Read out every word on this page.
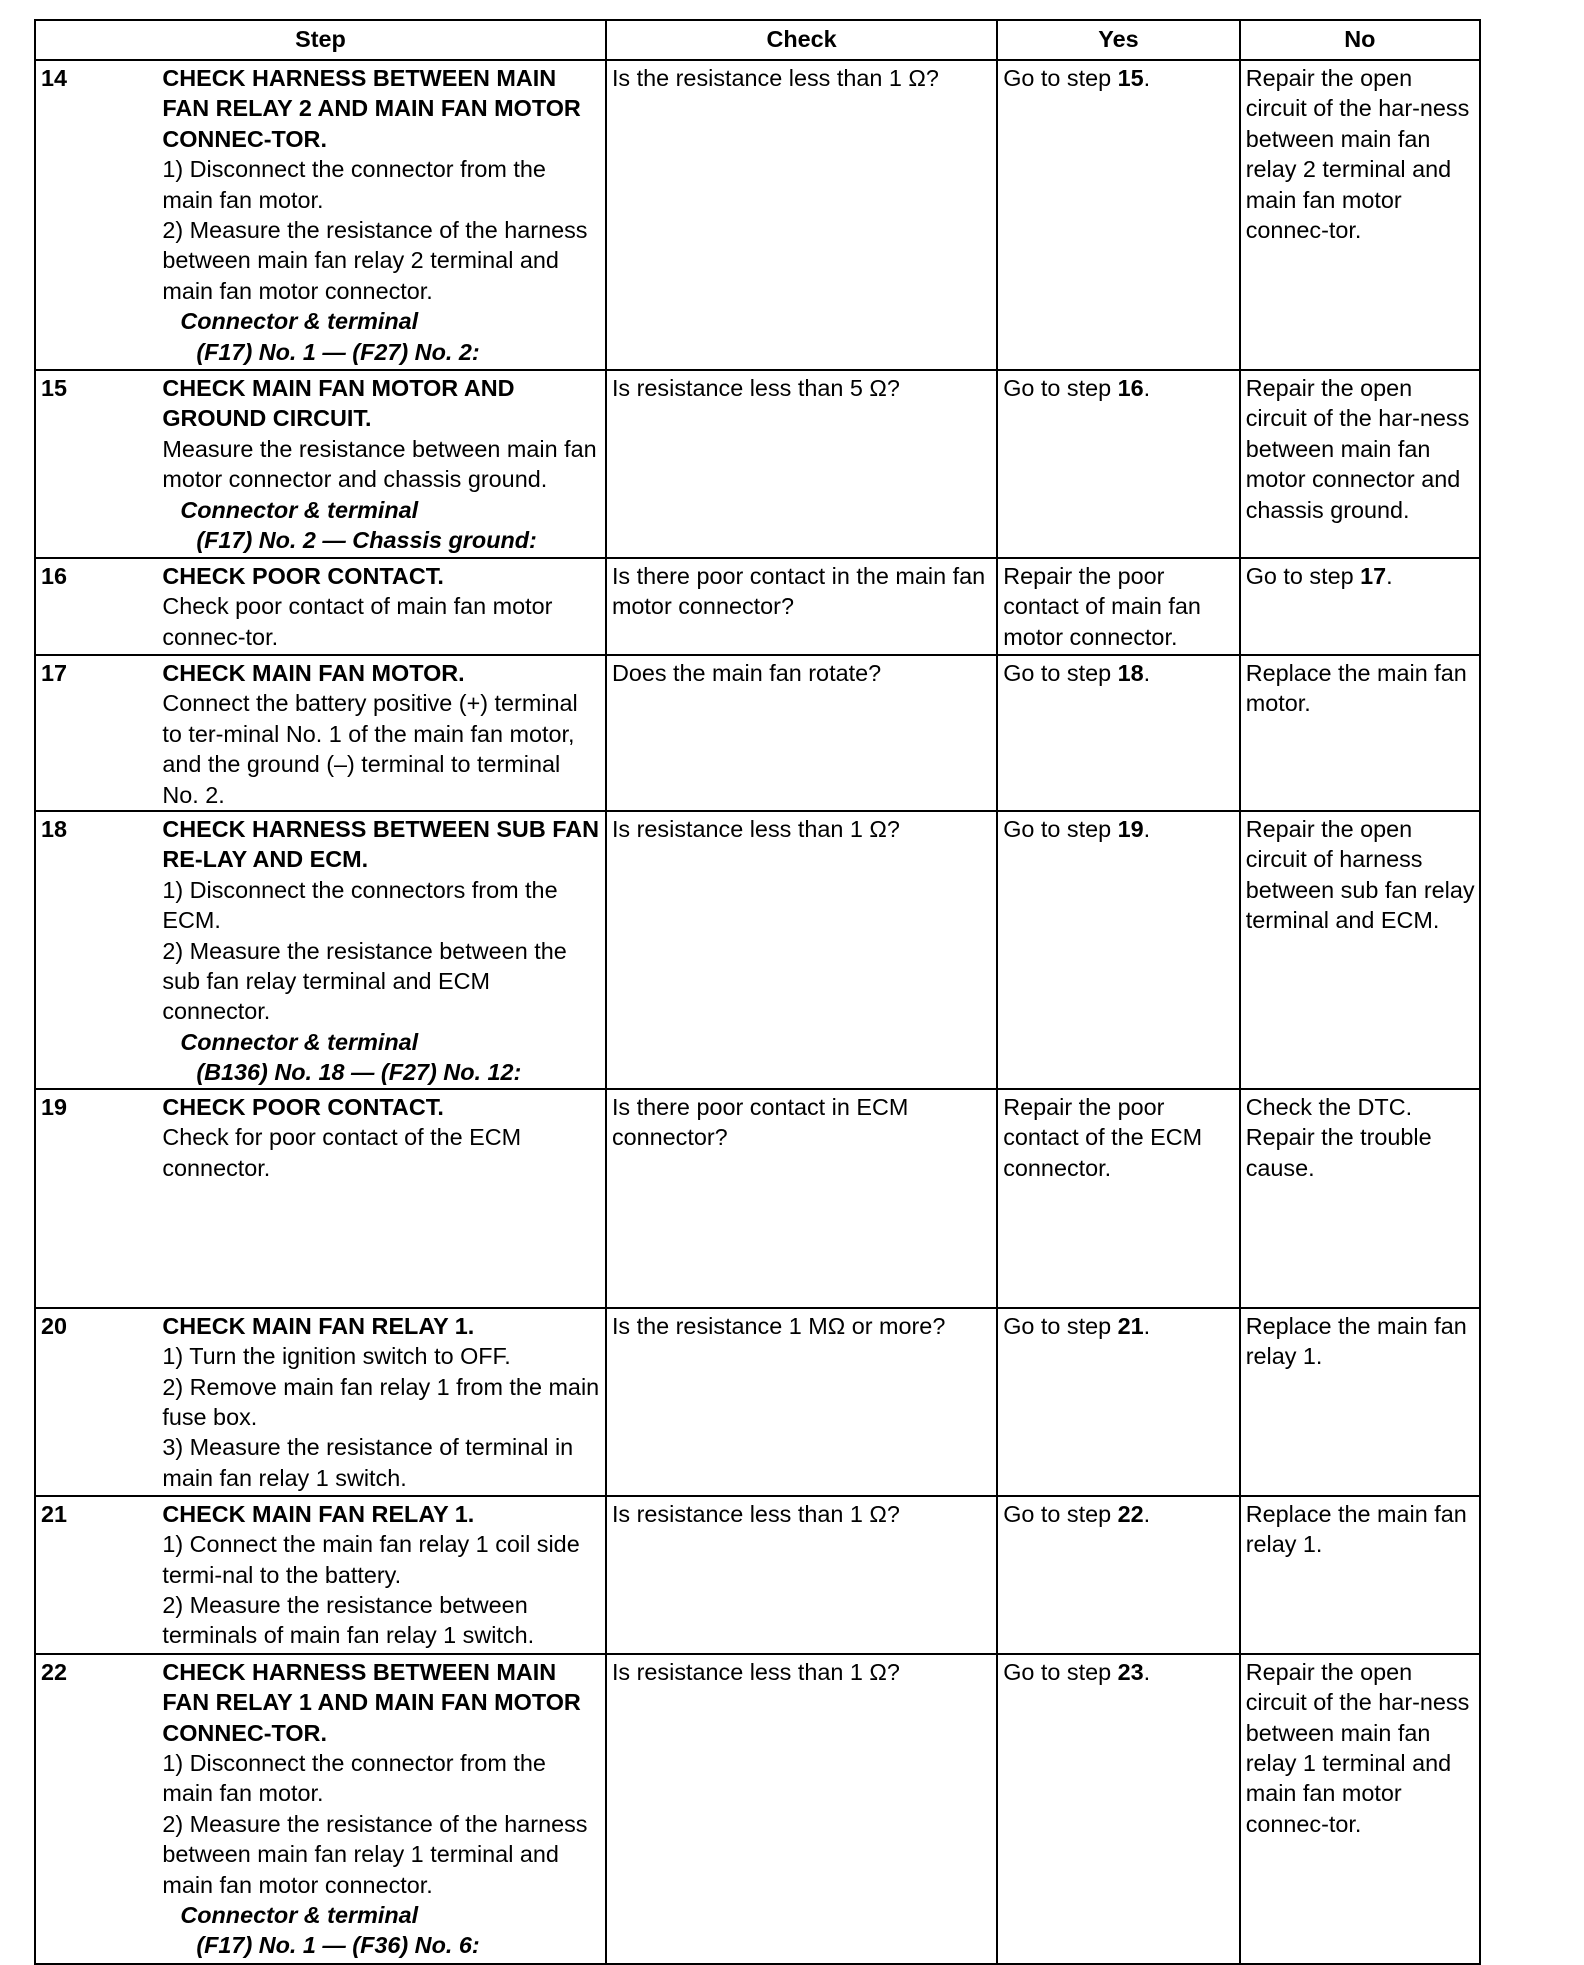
Step		Check	Yes	No
14	CHECK HARNESS BETWEEN MAIN FAN RELAY 2 AND MAIN FAN MOTOR CONNEC-TOR.
1) Disconnect the connector from the main fan motor.
2) Measure the resistance of the harness between main fan relay 2 terminal and main fan motor connector.
Connector & terminal
(F17) No. 1 — (F27) No. 2:	Is the resistance less than 1 Ω?	Go to step 15.	Repair the open circuit of the har-ness between main fan relay 2 terminal and main fan motor connec-tor.
15	CHECK MAIN FAN MOTOR AND GROUND CIRCUIT.
Measure the resistance between main fan motor connector and chassis ground.
Connector & terminal
(F17) No. 2 — Chassis ground:	Is resistance less than 5 Ω?	Go to step 16.	Repair the open circuit of the har-ness between main fan motor connector and chassis ground.
16	CHECK POOR CONTACT.
Check poor contact of main fan motor connec-tor.	Is there poor contact in the main fan motor connector?	Repair the poor contact of main fan motor connector.	Go to step 17.
17	CHECK MAIN FAN MOTOR.
Connect the battery positive (+) terminal to ter-minal No. 1 of the main fan motor, and the ground (–) terminal to terminal No. 2.	Does the main fan rotate?	Go to step 18.	Replace the main fan motor.
18	CHECK HARNESS BETWEEN SUB FAN RE-LAY AND ECM.
1) Disconnect the connectors from the ECM.
2) Measure the resistance between the sub fan relay terminal and ECM connector.
Connector & terminal
(B136) No. 18 — (F27) No. 12:	Is resistance less than 1 Ω?	Go to step 19.	Repair the open circuit of harness between sub fan relay terminal and ECM.
19	CHECK POOR CONTACT.
Check for poor contact of the ECM connector.	Is there poor contact in ECM connector?	Repair the poor contact of the ECM connector.	Check the DTC. Repair the trouble cause.
20	CHECK MAIN FAN RELAY 1.
1) Turn the ignition switch to OFF.
2) Remove main fan relay 1 from the main fuse box.
3) Measure the resistance of terminal in main fan relay 1 switch.	Is the resistance 1 MΩ or more?	Go to step 21.	Replace the main fan relay 1.
21	CHECK MAIN FAN RELAY 1.
1) Connect the main fan relay 1 coil side termi-nal to the battery.
2) Measure the resistance between terminals of main fan relay 1 switch.	Is resistance less than 1 Ω?	Go to step 22.	Replace the main fan relay 1.
22	CHECK HARNESS BETWEEN MAIN FAN RELAY 1 AND MAIN FAN MOTOR CONNEC-TOR.
1) Disconnect the connector from the main fan motor.
2) Measure the resistance of the harness between main fan relay 1 terminal and main fan motor connector.
Connector & terminal
(F17) No. 1 — (F36) No. 6:	Is resistance less than 1 Ω?	Go to step 23.	Repair the open circuit of the har-ness between main fan relay 1 terminal and main fan motor connec-tor.
